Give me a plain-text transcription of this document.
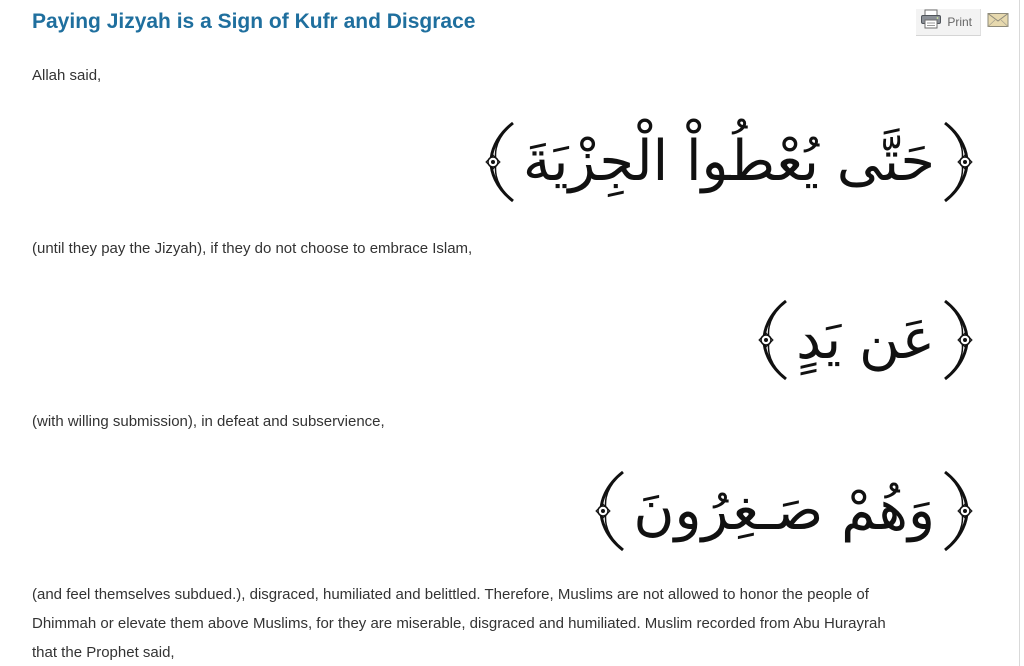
Paying Jizyah is a Sign of Kufr and Disgrace	Print

Allah said,

حَتَّى يُعْطُواْ الْجِزْيَةَ

(until they pay the Jizyah), if they do not choose to embrace Islam,

عَن يَدٍ

(with willing submission), in defeat and subservience,

وَهُمْ صَـغِرُونَ

(and feel themselves subdued.), disgraced, humiliated and belittled. Therefore, Muslims are not allowed to honor the people of
Dhimmah or elevate them above Muslims, for they are miserable, disgraced and humiliated. Muslim recorded from Abu Hurayrah
that the Prophet said,
